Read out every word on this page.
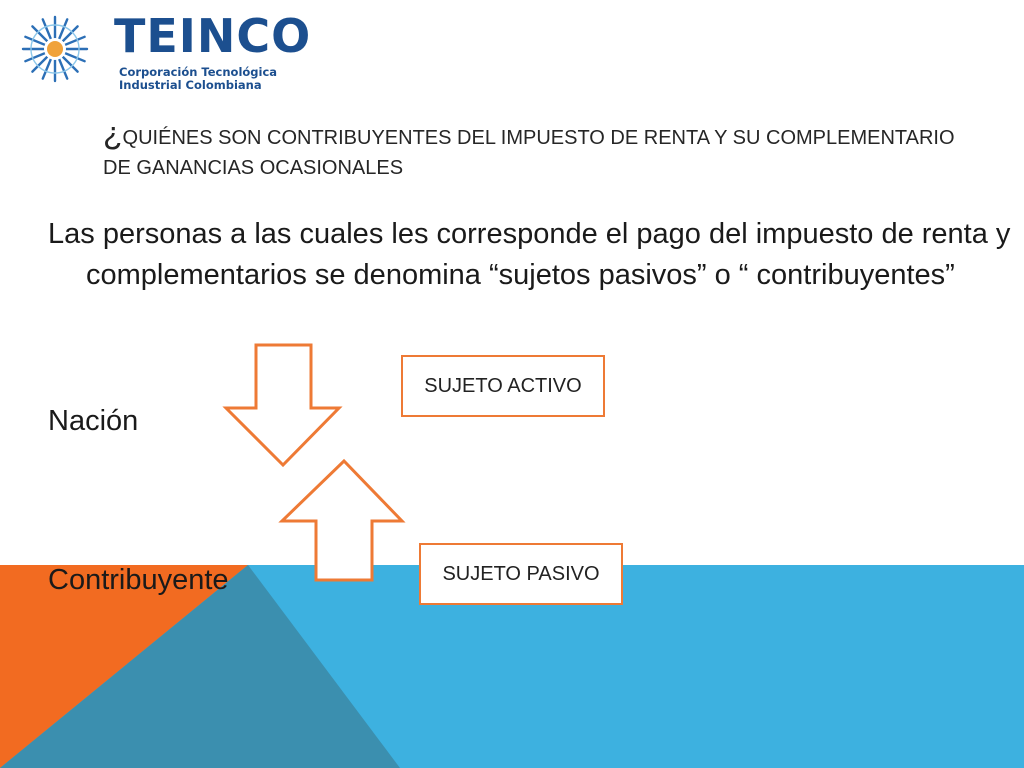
TEINCO
Corporación Tecnológica
Industrial Colombiana
¿QUIÉNES SON CONTRIBUYENTES DEL IMPUESTO DE RENTA Y SU COMPLEMENTARIO DE GANANCIAS OCASIONALES

Las personas a las cuales les corresponde el pago del impuesto de renta y complementarios se denomina “sujetos pasivos” o “ contribuyentes”

Nación
Contribuyente
SUJETO ACTIVO
SUJETO PASIVO
